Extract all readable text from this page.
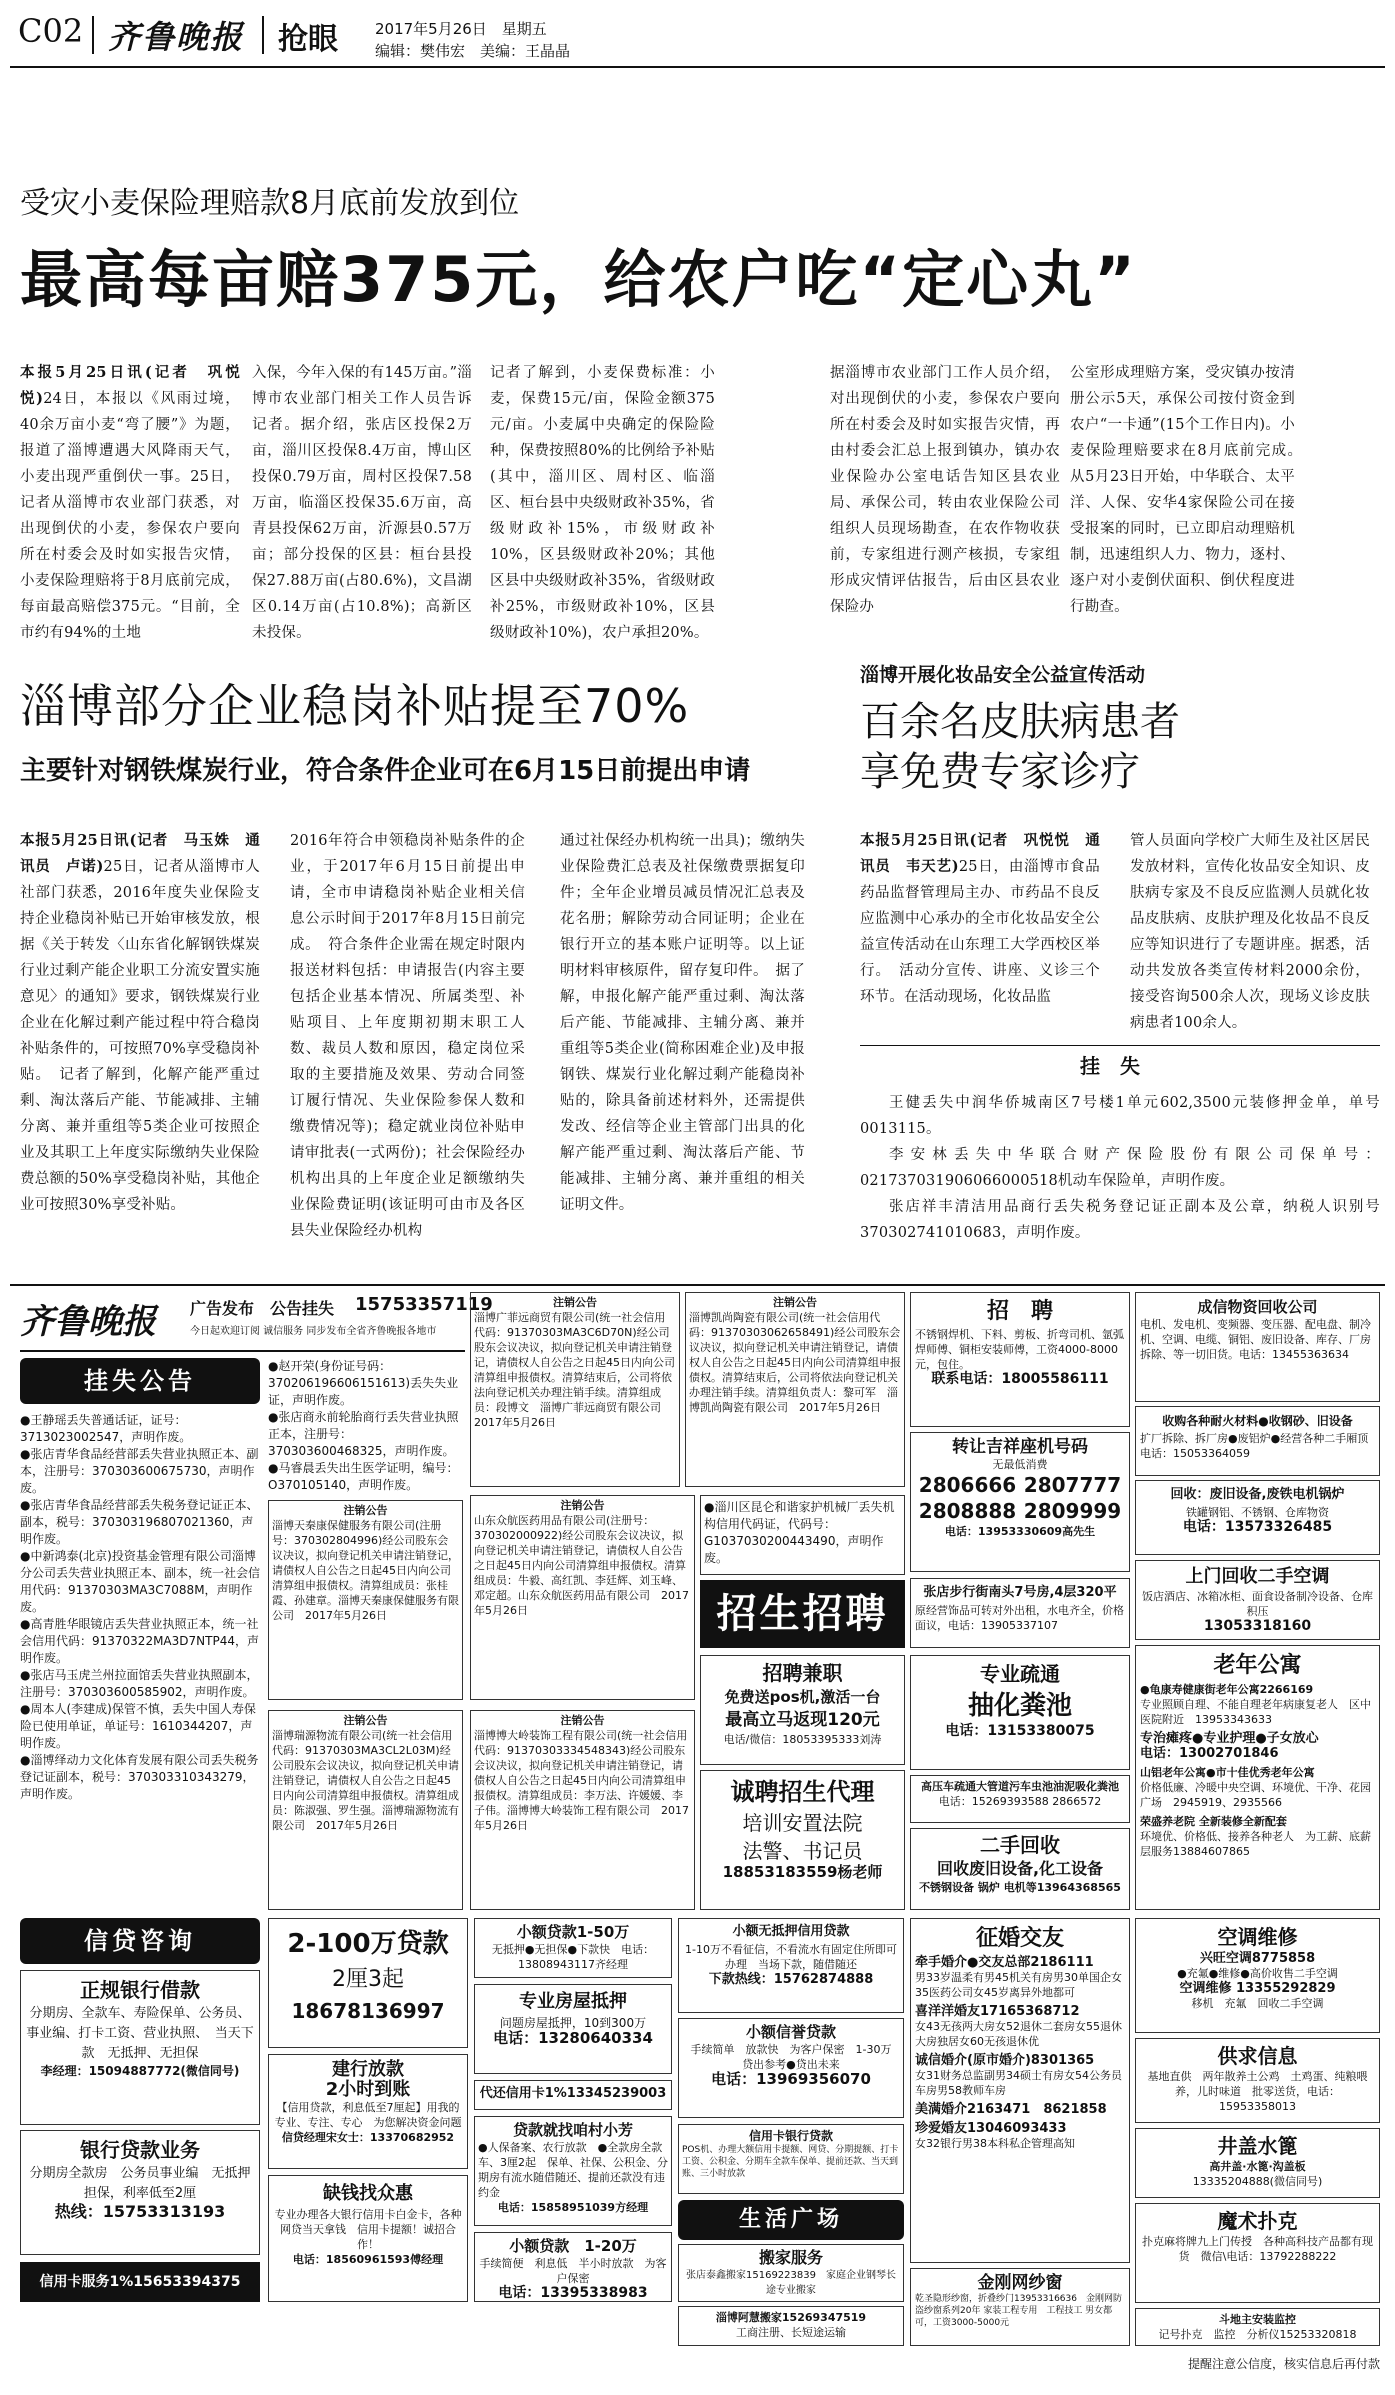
C02 齐鲁晚报 抢眼 2017年5月26日　星期五
编辑：樊伟宏　美编：王晶晶
受灾小麦保险理赔款8月底前发放到位
最高每亩赔375元，给农户吃“定心丸”
本报5月25日讯(记者　巩悦悦)24日，本报以《风雨过境，40余万亩小麦“弯了腰”》为题，报道了淄博遭遇大风降雨天气，小麦出现严重倒伏一事。25日，记者从淄博市农业部门获悉，对出现倒伏的小麦，参保农户要向所在村委会及时如实报告灾情，小麦保险理赔将于8月底前完成，每亩最高赔偿375元。“目前，全市约有94%的土地
入保，今年入保的有145万亩。”淄博市农业部门相关工作人员告诉记者。据介绍，张店区投保2万亩，淄川区投保8.4万亩，博山区投保0.79万亩，周村区投保7.58万亩，临淄区投保35.6万亩，高青县投保62万亩，沂源县0.57万亩；部分投保的区县：桓台县投保27.88万亩(占80.6%)，文昌湖区0.14万亩(占10.8%)；高新区未投保。
记者了解到，小麦保费标准：小麦，保费15元/亩，保险金额375元/亩。小麦属中央确定的保险险种，保费按照80%的比例给予补贴(其中，淄川区、周村区、临淄区、桓台县中央级财政补35%，省级财政补15%，市级财政补10%，区县级财政补20%；其他区县中央级财政补35%，省级财政补25%，市级财政补10%，区县级财政补10%)，农户承担20%。
据淄博市农业部门工作人员介绍，对出现倒伏的小麦，参保农户要向所在村委会及时如实报告灾情，再由村委会汇总上报到镇办，镇办农业保险办公室电话告知区县农业局、承保公司，转由农业保险公司组织人员现场勘查，在农作物收获前，专家组进行测产核损，专家组形成灾情评估报告，后由区县农业保险办
公室形成理赔方案，受灾镇办按清册公示5天，承保公司按付资金到农户“一卡通”(15个工作日内)。小麦保险理赔要求在8月底前完成。　从5月23日开始，中华联合、太平洋、人保、安华4家保险公司在接受报案的同时，已立即启动理赔机制，迅速组织人力、物力，逐村、逐户对小麦倒伏面积、倒伏程度进行勘查。
淄博部分企业稳岗补贴提至70%
主要针对钢铁煤炭行业，符合条件企业可在6月15日前提出申请
本报5月25日讯(记者　马玉姝　通讯员　卢诺)25日，记者从淄博市人社部门获悉，2016年度失业保险支持企业稳岗补贴已开始审核发放，根据《关于转发〈山东省化解钢铁煤炭行业过剩产能企业职工分流安置实施意见〉的通知》要求，钢铁煤炭行业企业在化解过剩产能过程中符合稳岗补贴条件的，可按照70%享受稳岗补贴。　记者了解到，化解产能严重过剩、淘汰落后产能、节能减排、主辅分离、兼并重组等5类企业可按照企业及其职工上年度实际缴纳失业保险费总额的50%享受稳岗补贴，其他企业可按照30%享受补贴。
2016年符合申领稳岗补贴条件的企业，于2017年6月15日前提出申请，全市申请稳岗补贴企业相关信息公示时间于2017年8月15日前完成。　符合条件企业需在规定时限内报送材料包括：申请报告(内容主要包括企业基本情况、所属类型、补贴项目、上年度期初期末职工人数、裁员人数和原因，稳定岗位采取的主要措施及效果、劳动合同签订履行情况、失业保险参保人数和缴费情况等)；稳定就业岗位补贴申请审批表(一式两份)；社会保险经办机构出具的上年度企业足额缴纳失业保险费证明(该证明可由市及各区县失业保险经办机构
通过社保经办机构统一出具)；缴纳失业保险费汇总表及社保缴费票据复印件；全年企业增员减员情况汇总表及花名册；解除劳动合同证明；企业在银行开立的基本账户证明等。以上证明材料审核原件，留存复印件。　据了解，申报化解产能严重过剩、淘汰落后产能、节能减排、主辅分离、兼并重组等5类企业(简称困难企业)及申报钢铁、煤炭行业化解过剩产能稳岗补贴的，除具备前述材料外，还需提供发改、经信等企业主管部门出具的化解产能严重过剩、淘汰落后产能、节能减排、主辅分离、兼并重组的相关证明文件。
淄博开展化妆品安全公益宣传活动
百余名皮肤病患者
享免费专家诊疗
本报5月25日讯(记者　巩悦悦　通讯员　韦天艺)25日，由淄博市食品药品监督管理局主办、市药品不良反应监测中心承办的全市化妆品安全公益宣传活动在山东理工大学西校区举行。　活动分宣传、讲座、义诊三个环节。在活动现场，化妆品监
管人员面向学校广大师生及社区居民发放材料，宣传化妆品安全知识、皮肤病专家及不良反应监测人员就化妆品皮肤病、皮肤护理及化妆品不良反应等知识进行了专题讲座。据悉，活动共发放各类宣传材料2000余份，接受咨询500余人次，现场义诊皮肤病患者100余人。
挂　失

王健丢失中润华侨城南区7号楼1单元602,3500元装修押金单，单号0013115。

李安林丢失中华联合财产保险股份有限公司保单号：021737031906066000518机动车保险单，声明作废。

张店祥丰清洁用品商行丢失税务登记证正副本及公章，纳税人识别号370302741010683，声明作废。

齐鲁晚报 广告发布　公告挂失 15753357119
今日起欢迎订阅 诚信服务 同步发布全省齐鲁晚报各地市
挂失公告
●王静瑶丢失普通话证，证号：3713023002547，声明作废。
●张店青华食品经营部丢失营业执照正本、副本，注册号：370303600675730，声明作废。
●张店青华食品经营部丢失税务登记证正本、副本，税号：370303196807021360，声明作废。
●中新鸿泰(北京)投资基金管理有限公司淄博分公司丢失营业执照正本、副本，统一社会信用代码：91370303MA3C7088M，声明作废。
●高青胜华眼镜店丢失营业执照正本，统一社会信用代码：91370322MA3D7NTP44，声明作废。
●张店马玉虎兰州拉面馆丢失营业执照副本，注册号：370303600585902，声明作废。
●周本人(李建成)保管不慎，丢失中国人寿保险已使用单证，单证号：1610344207，声明作废。
●淄博绎动力文化体育发展有限公司丢失税务登记证副本，税号：370303310343279，声明作废。
●赵开荣(身份证号码：370206196606151613)丢失失业证，声明作废。
●张店商永前轮胎商行丢失营业执照正本，注册号：370303600468325，声明作废。
●马睿晨丢失出生医学证明，编号：O370105140，声明作废。
注销公告
淄博天秦康保健服务有限公司(注册号：370302804996)经公司股东会议决议，拟向登记机关申请注销登记，请债权人自公告之日起45日内向公司清算组申报债权。清算组成员：张桂霞、孙建章。淄博天秦康保健服务有限公司　2017年5月26日
注销公告
淄博瑞源物流有限公司(统一社会信用代码：91370303MA3CL2L03M)经公司股东会议决议，拟向登记机关申请注销登记，请债权人自公告之日起45日内向公司清算组申报债权。清算组成员：陈淑强、罗生强。淄博瑞源物流有限公司　2017年5月26日
注销公告
淄博广菲远商贸有限公司(统一社会信用代码：91370303MA3C6D70N)经公司股东会议决议，拟向登记机关申请注销登记，请债权人自公告之日起45日内向公司清算组申报债权。清算结束后，公司将依法向登记机关办理注销手续。清算组成员：段博文　淄博广菲远商贸有限公司　2017年5月26日
注销公告
淄博凯尚陶瓷有限公司(统一社会信用代码：91370303062658491)经公司股东会议决议，拟向登记机关申请注销登记，请债权人自公告之日起45日内向公司清算组申报债权。清算结束后，公司将依法向登记机关办理注销手续。清算组负责人：黎可军　淄博凯尚陶瓷有限公司　2017年5月26日
注销公告
山东众航医药用品有限公司(注册号：370302000922)经公司股东会议决议，拟向登记机关申请注销登记，请债权人自公告之日起45日内向公司清算组申报债权。清算组成员：牛毅、高红凯、李廷辉、刘玉峰、邓定超。山东众航医药用品有限公司　2017年5月26日
●淄川区昆仑和谐家护机械厂丢失机构信用代码证，代码号：G1037030200443490，声明作废。
注销公告
淄博博大岭装饰工程有限公司(统一社会信用代码：91370303334548343)经公司股东会议决议，拟向登记机关申请注销登记，请债权人自公告之日起45日内向公司清算组申报债权。清算组成员：李万法、许媛媛、李子伟。淄博博大岭装饰工程有限公司　2017年5月26日
招生招聘
招聘兼职
免费送pos机,激活一台
最高立马返现120元
电话/微信：18053395333刘涛
诚聘招生代理
培训安置法院
法警、书记员
18853183559杨老师
招　聘
不锈钢焊机、下料、剪板、折弯司机、氩弧焊师傅、铜柜安装师傅，工资4000-8000元，包住。
联系电话：18005586111
转让吉祥座机号码
无最低消费
2806666 2807777
2808888 2809999
电话：13953330609高先生
张店步行街南头7号房,4层320平
原经营饰品可转对外出租，水电齐全，价格面议，电话：13905337107
专业疏通
抽化粪池
电话：13153380075
高压车疏通大管道污车虫池油泥吸化粪池
电话：15269393588 2866572
二手回收
回收废旧设备,化工设备
不锈钢设备 锅炉 电机等13964368565
成信物资回收公司
电机、发电机、变频器、变压器、配电盘、制冷机、空调、电缆、铜铝、废旧设备、库存、厂房拆除、等一切旧货。电话：13455363634
收购各种耐火材料●收钢砂、旧设备
扩厂拆除、拆厂房●废铝炉●经营各种二手厢顶　电话：15053364059
回收：废旧设备,废铁电机锅炉
铁罐钢铝、不锈钢、仓库物资
电话：13573326485
上门回收二手空调
饭店酒店、冰箱冰柜、面食设备制冷设备、仓库积压
13053318160
老年公寓
●龟康寿健康街老年公寓2266169
专业照顾自理、不能自理老年病康复老人　区中医院附近　13953343633
专治瘫疼●专业护理●子女放心
电话：13002701846
山铝老年公寓●市十佳优秀老年公寓
价格低廉、冷暖中央空调、环境优、干净、花园广场　2945919、2935566
荣盛养老院 全新装修全新配套
环境优、价格低、接养各种老人　为工薪、底薪层服务13884607865
信贷咨询
正规银行借款
分期房、全款车、寿险保单、公务员、事业编、打卡工资、营业执照、　当天下款　无抵押、无担保
李经理：15094887772(微信同号)
银行贷款业务
分期房全款房　公务员事业编　无抵押担保，利率低至2厘
热线：15753313193
信用卡服务1%15653394375
2-100万贷款
2厘3起
18678136997
建行放款
2小时到账
【信用贷款，利息低至7厘起】用我的专业、专注、专心　为您解决资金问题
信贷经理宋女士：13370682952
缺钱找众惠
专业办理各大银行信用卡白金卡，各种网贷当天拿钱　信用卡提额！诚招合作！
电话：18560961593傅经理
小额贷款1-50万
无抵押●无担保●下款快　电话：13808943117齐经理
专业房屋抵押
问题房屋抵押，10到300万
电话：13280640334
代还信用卡1%13345239003
贷款就找咱村小芳
●人保备案、农行放款　●全款房全款车、3厘2起　保单、社保、公积金、分期房有流水随借随还、提前还款没有违约金
电话：15858951039方经理
小额贷款　1-20万
手续简便　利息低　半小时放款　为客户保密
电话：13395338983
小额无抵押信用贷款
1-10万不看征信，不看流水有固定住所即可办理　当场下款，随借随还
下款热线：15762874888
小额信誉贷款
手续简单　放款快　为客户保密　1-30万　贷出参考●贷出未来
电话：13969356070
信用卡银行贷款
POS机、办理大额信用卡提额、网贷、分期提额、打卡工资、公积金、分期车全款车保单、提前还款、当天到账、三小时放款
生活广场
搬家服务
张店泰鑫搬家15169223839　家庭企业钢琴长途专业搬家
淄博阿慧搬家15269347519
工商注册、长短途运输
征婚交友
牵手婚介●交友总部2186111
男33岁温柔有男45机关有房男30单国企女35医药公司女45岁离异外地都可
喜洋洋婚友17165368712
女43无孩两大房女52退休二套房女55退休大房独居女60无孩退休优
诚信婚介(原市婚介)8301365
女31财务总监副男34硕士有房女54公务员车房男58教师车房
美满婚介2163471　8621858
珍爱婚友13046093433
女32银行男38本科私企管理高知
金刚网纱窗
乾圣隐形纱窗，折叠纱门13953316636　金刚网防盗纱窗系列20年 家装工程专用　工程技工 男女都可，工资3000-5000元
空调维修
兴旺空调8775858
●充氟●维修●高价收售二手空调
空调维修 13355292829
移机　充氟　回收二手空调
供求信息
基地直供　两年散养土公鸡　土鸡蛋、纯粮喂养，儿时味道　批零送货，电话：15953358013
井盖水篦
高井盖·水篦·沟盖板
13335204888(微信同号)
魔术扑克
扑克麻将牌九上门传授　各种高科技产品都有现货　微信\电话：13792288222
斗地主安装监控
记号扑克　监控　分析仪15253320818
提醒注意公信度，核实信息后再付款
